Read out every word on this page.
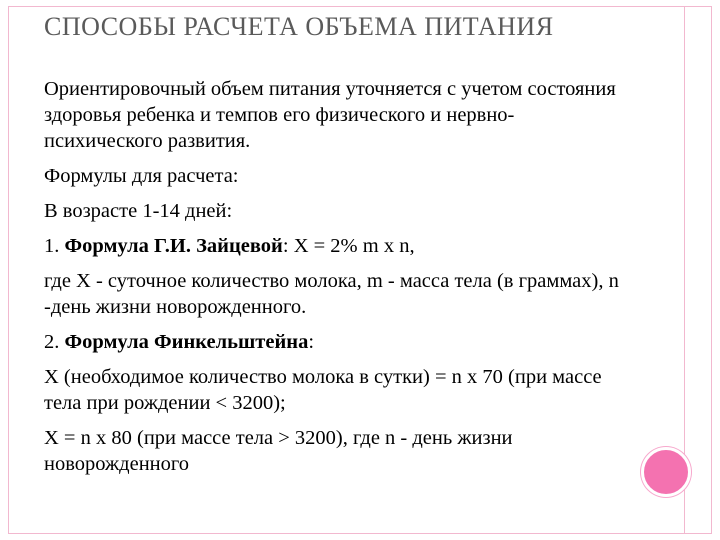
СПОСОБЫ РАСЧЕТА ОБЪЕМА ПИТАНИЯ

Ориентировочный объем питания уточняется с учетом состояния здоровья ребенка и темпов его физического и нервно-психического развития.

Формулы для расчета:

В возрасте 1-14 дней:

1. Формула Г.И. Зайцевой: X = 2% m x n,

где X - суточное количество молока, m - масса тела (в граммах), n -день жизни новорожденного.

2. Формула Финкельштейна:

X (необходимое количество молока в сутки) = n x 70 (при массе тела при рождении < 3200);

X = n x 80 (при массе тела > 3200), где n - день жизни новорожденного
